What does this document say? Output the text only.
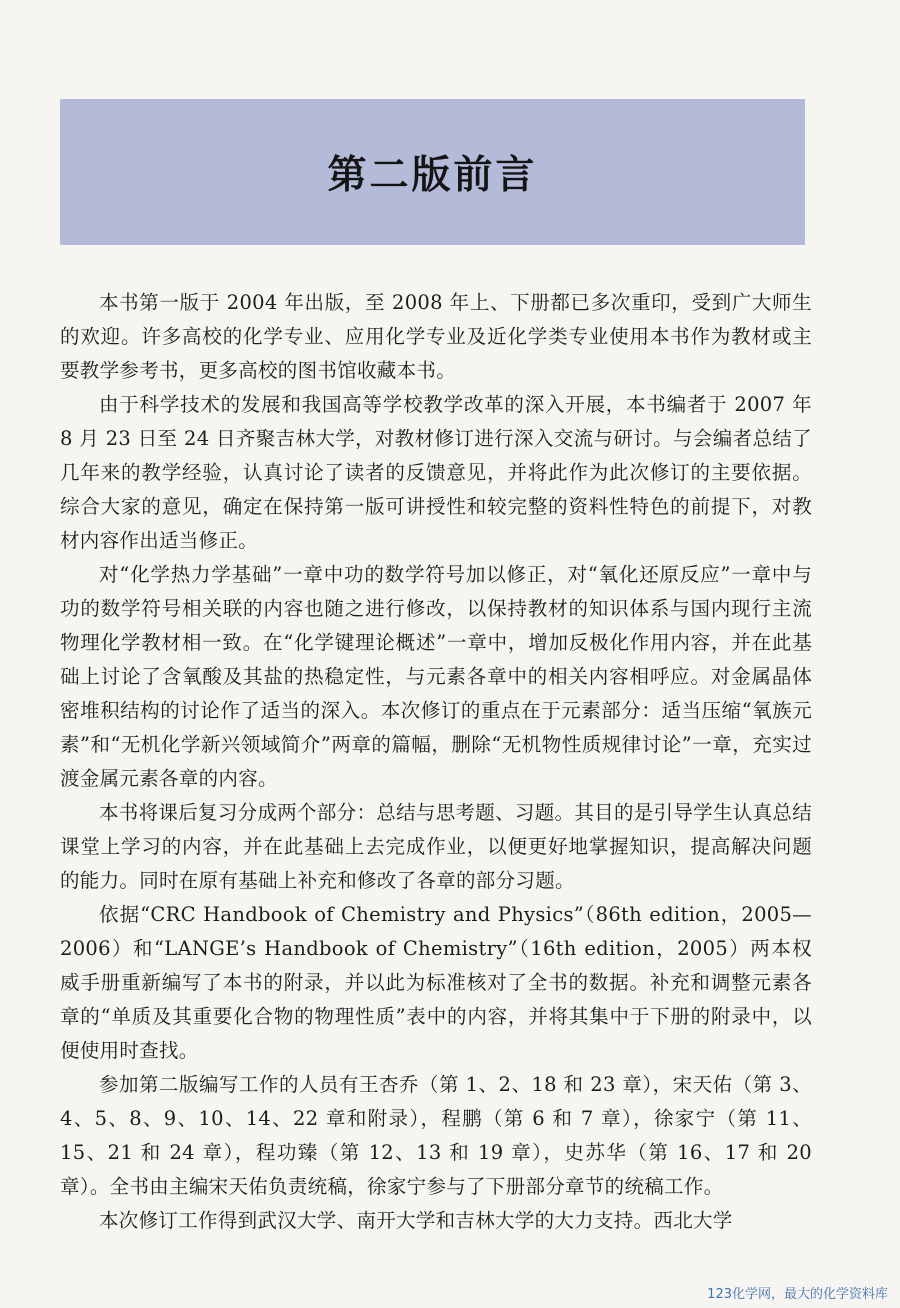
第二版前言

本书第一版于 2004 年出版，至 2008 年上、下册都已多次重印，受到广大师生的欢迎。许多高校的化学专业、应用化学专业及近化学类专业使用本书作为教材或主要教学参考书，更多高校的图书馆收藏本书。

由于科学技术的发展和我国高等学校教学改革的深入开展，本书编者于 2007 年 8 月 23 日至 24 日齐聚吉林大学，对教材修订进行深入交流与研讨。与会编者总结了几年来的教学经验，认真讨论了读者的反馈意见，并将此作为此次修订的主要依据。综合大家的意见，确定在保持第一版可讲授性和较完整的资料性特色的前提下，对教材内容作出适当修正。

对“化学热力学基础”一章中功的数学符号加以修正，对“氧化还原反应”一章中与功的数学符号相关联的内容也随之进行修改，以保持教材的知识体系与国内现行主流物理化学教材相一致。在“化学键理论概述”一章中，增加反极化作用内容，并在此基础上讨论了含氧酸及其盐的热稳定性，与元素各章中的相关内容相呼应。对金属晶体密堆积结构的讨论作了适当的深入。本次修订的重点在于元素部分：适当压缩“氧族元素”和“无机化学新兴领域简介”两章的篇幅，删除“无机物性质规律讨论”一章，充实过渡金属元素各章的内容。

本书将课后复习分成两个部分：总结与思考题、习题。其目的是引导学生认真总结课堂上学习的内容，并在此基础上去完成作业，以便更好地掌握知识，提高解决问题的能力。同时在原有基础上补充和修改了各章的部分习题。

依据“CRC Handbook of Chemistry and Physics”（86th edition，2005—2006）和“LANGE’s Handbook of Chemistry”（16th edition，2005）两本权威手册重新编写了本书的附录，并以此为标准核对了全书的数据。补充和调整元素各章的“单质及其重要化合物的物理性质”表中的内容，并将其集中于下册的附录中，以便使用时查找。

参加第二版编写工作的人员有王杏乔（第 1、2、18 和 23 章），宋天佑（第 3、4、5、8、9、10、14、22 章和附录），程鹏（第 6 和 7 章），徐家宁（第 11、15、21 和 24 章），程功臻（第 12、13 和 19 章），史苏华（第 16、17 和 20 章）。全书由主编宋天佑负责统稿，徐家宁参与了下册部分章节的统稿工作。

本次修订工作得到武汉大学、南开大学和吉林大学的大力支持。西北大学

123化学网，最大的化学资料库
